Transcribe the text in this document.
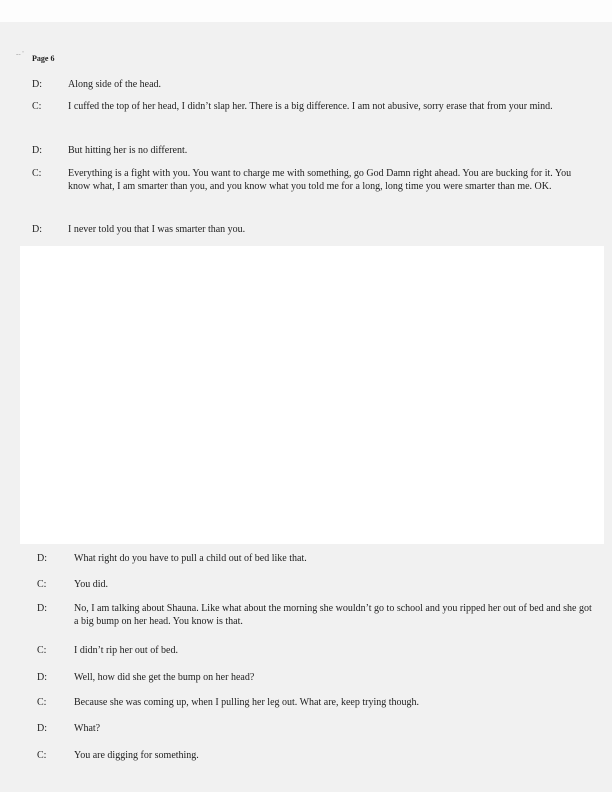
-- ' Page 6
D:	Along side of the head.
C:	I cuffed the top of her head, I didn’t slap her. There is a big difference. I am not abusive, sorry erase that from your mind.
D:	But hitting her is no different.
C:	Everything is a fight with you. You want to charge me with something, go God Damn right ahead. You are bucking for it. You know what, I am smarter than you, and you know what you told me for a long, long time you were smarter than me. OK.
D:	I never told you that I was smarter than you.
D:	What right do you have to pull a child out of bed like that.
C:	You did.
D:	No, I am talking about Shauna. Like what about the morning she wouldn’t go to school and you ripped her out of bed and she got a big bump on her head. You know is that.
C:	I didn’t rip her out of bed.
D:	Well, how did she get the bump on her head?
C:	Because she was coming up, when I pulling her leg out. What are, keep trying though.
D:	What?
C:	You are digging for something.
